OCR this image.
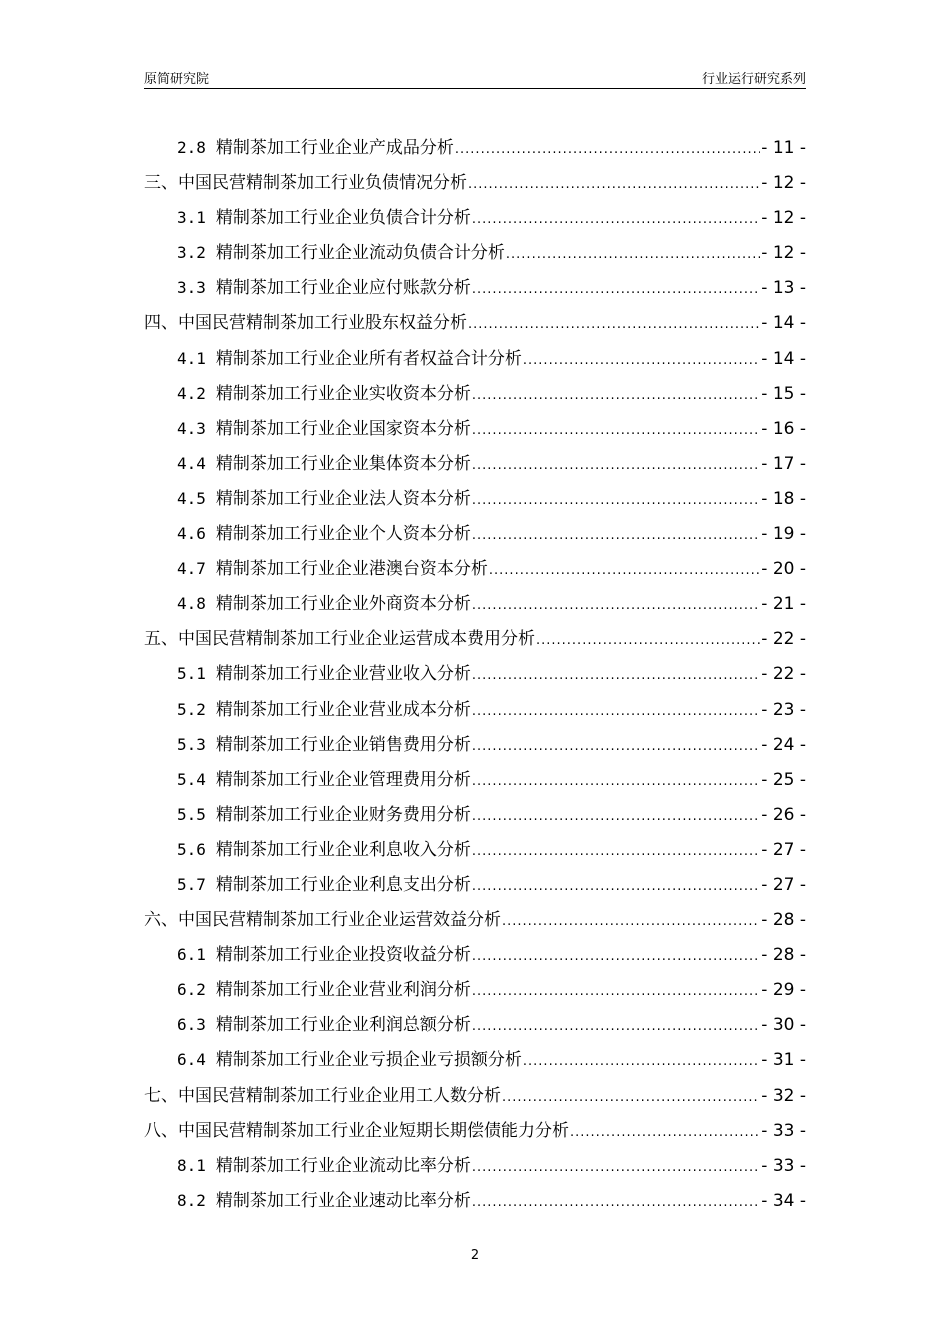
原简研究院	行业运行研究系列
2.8 精制茶加工行业企业产成品分析 .....	- 11 -
三、中国民营精制茶加工行业负债情况分析 .....	- 12 -
3.1 精制茶加工行业企业负债合计分析 .....	- 12 -
3.2 精制茶加工行业企业流动负债合计分析 .....	- 12 -
3.3 精制茶加工行业企业应付账款分析 .....	- 13 -
四、中国民营精制茶加工行业股东权益分析 .....	- 14 -
4.1 精制茶加工行业企业所有者权益合计分析 .....	- 14 -
4.2 精制茶加工行业企业实收资本分析 .....	- 15 -
4.3 精制茶加工行业企业国家资本分析 .....	- 16 -
4.4 精制茶加工行业企业集体资本分析 .....	- 17 -
4.5 精制茶加工行业企业法人资本分析 .....	- 18 -
4.6 精制茶加工行业企业个人资本分析 .....	- 19 -
4.7 精制茶加工行业企业港澳台资本分析 .....	- 20 -
4.8 精制茶加工行业企业外商资本分析 .....	- 21 -
五、中国民营精制茶加工行业企业运营成本费用分析 .....	- 22 -
5.1 精制茶加工行业企业营业收入分析 .....	- 22 -
5.2 精制茶加工行业企业营业成本分析 .....	- 23 -
5.3 精制茶加工行业企业销售费用分析 .....	- 24 -
5.4 精制茶加工行业企业管理费用分析 .....	- 25 -
5.5 精制茶加工行业企业财务费用分析 .....	- 26 -
5.6 精制茶加工行业企业利息收入分析 .....	- 27 -
5.7 精制茶加工行业企业利息支出分析 .....	- 27 -
六、中国民营精制茶加工行业企业运营效益分析 .....	- 28 -
6.1 精制茶加工行业企业投资收益分析 .....	- 28 -
6.2 精制茶加工行业企业营业利润分析 .....	- 29 -
6.3 精制茶加工行业企业利润总额分析 .....	- 30 -
6.4 精制茶加工行业企业亏损企业亏损额分析 .....	- 31 -
七、中国民营精制茶加工行业企业用工人数分析 .....	- 32 -
八、中国民营精制茶加工行业企业短期长期偿债能力分析 .....	- 33 -
8.1 精制茶加工行业企业流动比率分析 .....	- 33 -
8.2 精制茶加工行业企业速动比率分析 .....	- 34 -
2
